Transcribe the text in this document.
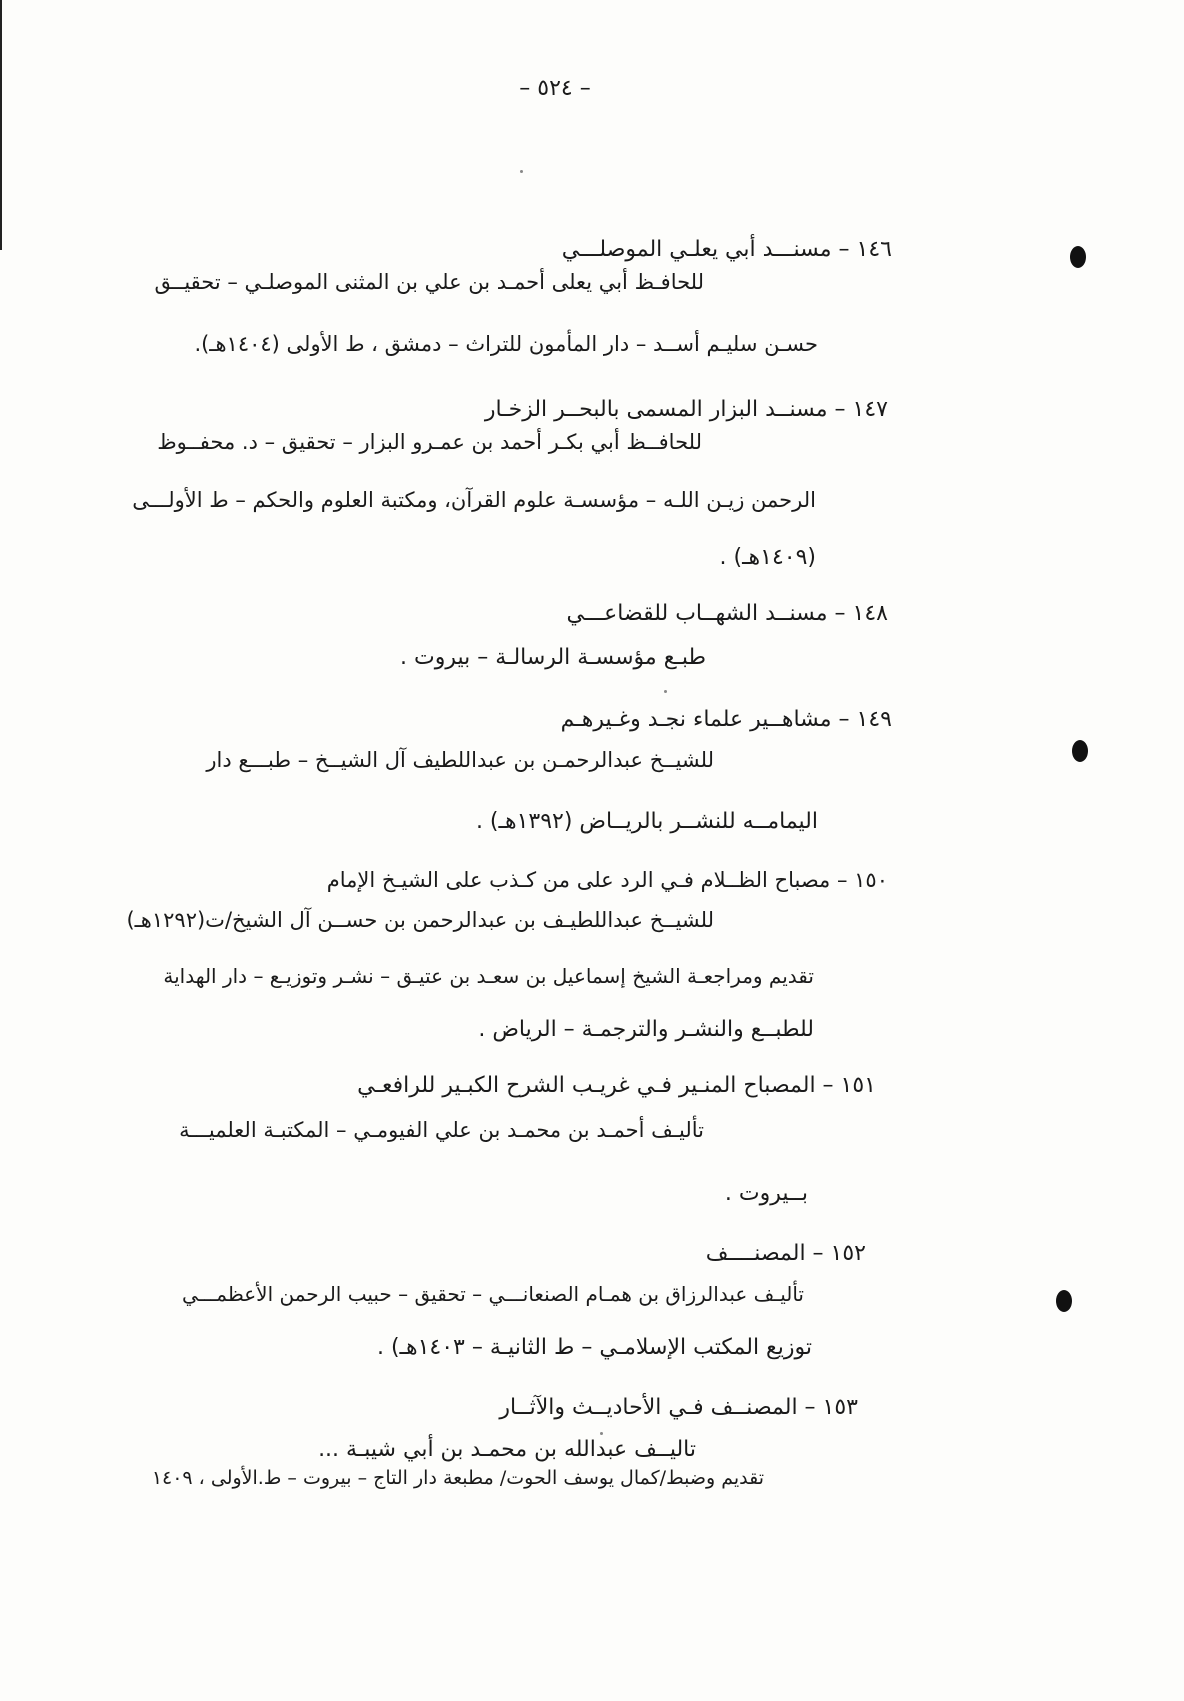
– ٥٢٤ –
١٤٦ – مسنـــد أبي يعلـي الموصلـــي
للحافـظ أبي يعلى أحمـد بن علي بن المثنى الموصلـي – تحقيــق
حسـن سليـم أســد – دار المأمون للتراث – دمشق ، ط الأولى (١٤٠٤هـ).
١٤٧ – مسنــد البزار المسمى بالبحــر الزخـار
للحافــظ أبي بكـر أحمد بن عمـرو البزار – تحقيق – د. محفــوظ
الرحمن زيـن اللـه – مؤسسـة علوم القرآن، ومكتبة العلوم والحكم – ط الأولـــى
(١٤٠٩هـ) .
١٤٨ – مسنــد الشهــاب للقضاعـــي
طبـع مؤسسـة الرسالـة – بيروت .
١٤٩ – مشاهــير علماء نجـد وغـيرهـم
للشيــخ عبدالرحمـن بن عبداللطيف آل الشيــخ – طبـــع دار
اليمامــه للنشــر بالريــاض (١٣٩٢هـ) .
١٥٠ – مصباح الظــلام فـي الرد على من كـذب على الشيـخ الإمام
للشيــخ عبداللطيـف بن عبدالرحمن بن حســن آل الشيخ/ت(١٢٩٢هـ)
تقديم ومراجعـة الشيخ إسماعيل بن سعـد بن عتيـق – نشـر وتوزيـع – دار الهداية
للطبــع والنشـر والترجمـة – الرياض .
١٥١ – المصباح المنـير فـي غريـب الشرح الكبـير للرافعـي
تأليـف أحمـد بن محمـد بن علي الفيومـي – المكتبـة العلميـــة
بــيروت .
١٥٢ – المصنــــف
تأليـف عبدالرزاق بن همـام الصنعانـــي – تحقيق – حبيب الرحمن الأعظمـــي
توزيع المكتب الإسلامـي – ط الثانيـة – ١٤٠٣هـ) .
١٥٣ – المصنــف فـي الأحاديــث والآثــار
تاليــف عبدالله بن محمـد بن أبي شيبـة ...
تقديم وضبط/كمال يوسف الحوت/ مطبعة دار التاج – بيروت – ط.الأولى ، ١٤٠٩
